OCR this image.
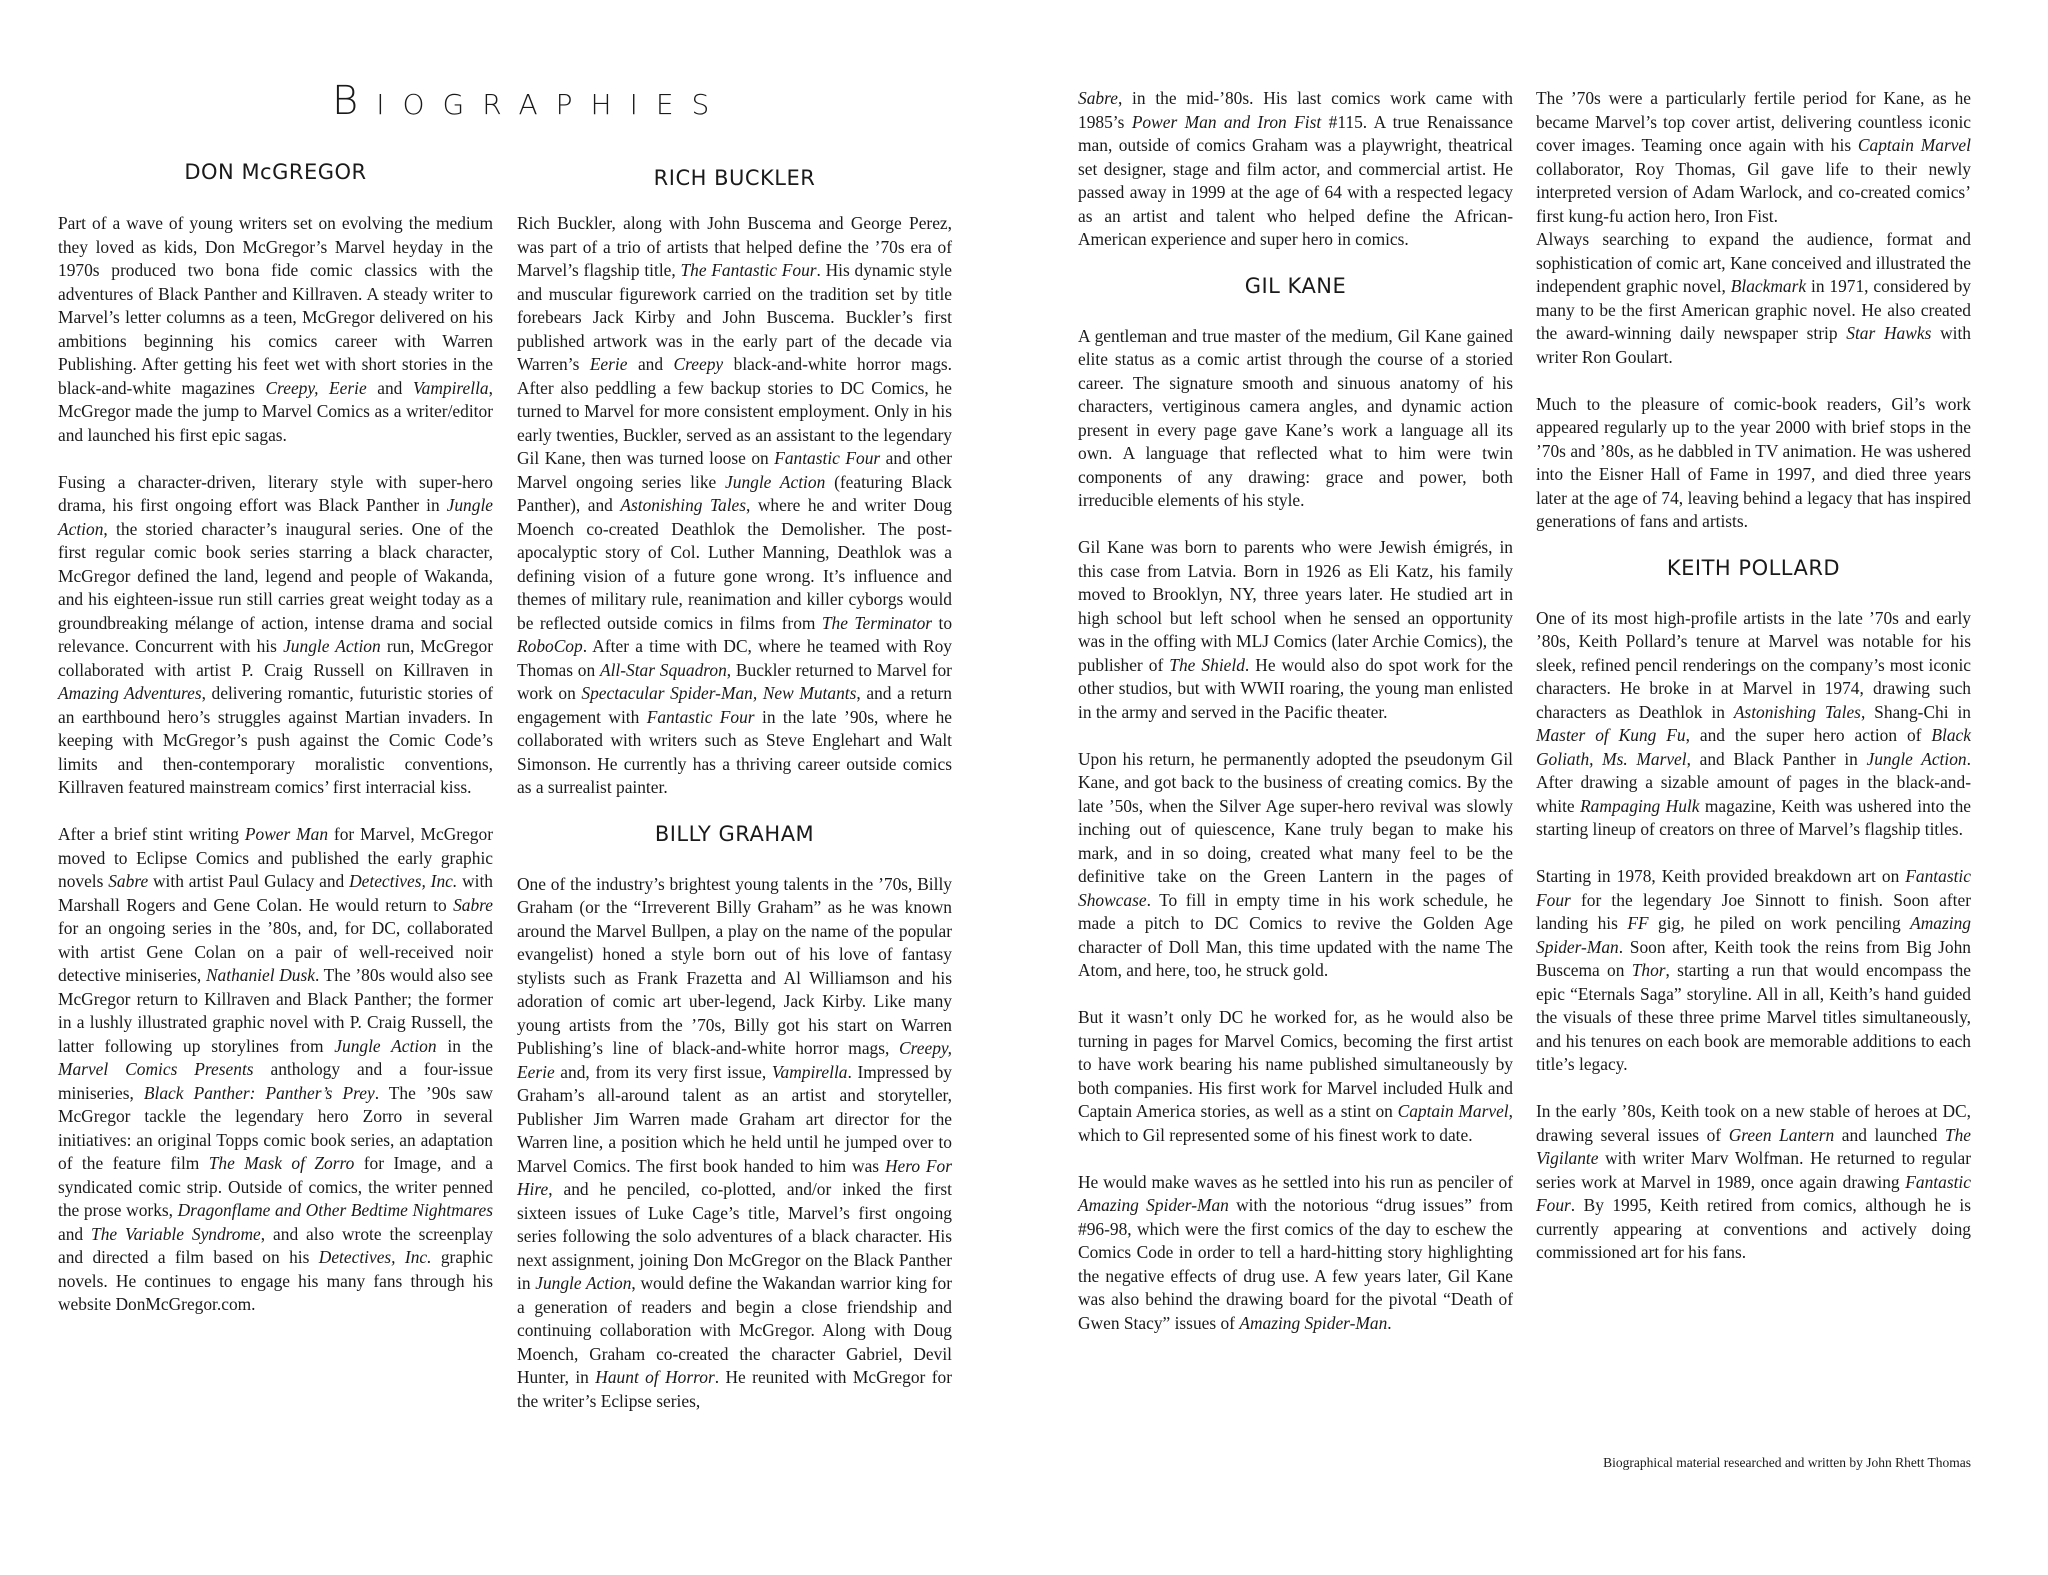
BIOGRAPHIES
DON McGREGOR	RICH BUCKLER

Part of a wave of young writers set on evolving the medium they loved as kids, Don McGregor’s Marvel heyday in the 1970s produced two bona fide comic classics with the adventures of Black Panther and Killraven. A steady writer to Marvel’s letter columns as a teen, McGregor delivered on his ambitions beginning his comics career with Warren Publishing. After getting his feet wet with short stories in the black-and-white magazines Creepy, Eerie and Vampirella, McGregor made the jump to Marvel Comics as a writer/editor and launched his first epic sagas.

Fusing a character-driven, literary style with super-hero drama, his first ongoing effort was Black Panther in Jungle Action, the storied character’s inaugural series. One of the first regular comic book series starring a black character, McGregor defined the land, legend and people of Wakanda, and his eighteen-issue run still carries great weight today as a groundbreaking mélange of action, intense drama and social relevance. Concurrent with his Jungle Action run, McGregor collaborated with artist P. Craig Russell on Killraven in Amazing Adventures, delivering romantic, futuristic stories of an earthbound hero’s struggles against Martian invaders. In keeping with McGregor’s push against the Comic Code’s limits and then-contemporary moralistic conventions, Killraven featured mainstream comics’ first interracial kiss.

After a brief stint writing Power Man for Marvel, McGregor moved to Eclipse Comics and published the early graphic novels Sabre with artist Paul Gulacy and Detectives, Inc. with Marshall Rogers and Gene Colan. He would return to Sabre for an ongoing series in the ’80s, and, for DC, collaborated with artist Gene Colan on a pair of well-received noir detective miniseries, Nathaniel Dusk. The ’80s would also see McGregor return to Killraven and Black Panther; the former in a lushly illustrated graphic novel with P. Craig Russell, the latter following up storylines from Jungle Action in the Marvel Comics Presents anthology and a four-issue miniseries, Black Panther: Panther’s Prey. The ’90s saw McGregor tackle the legendary hero Zorro in several initiatives: an original Topps comic book series, an adaptation of the feature film The Mask of Zorro for Image, and a syndicated comic strip. Outside of comics, the writer penned the prose works, Dragonflame and Other Bedtime Nightmares and The Variable Syndrome, and also wrote the screenplay and directed a film based on his Detectives, Inc. graphic novels. He continues to engage his many fans through his website DonMcGregor.com.

Rich Buckler, along with John Buscema and George Perez, was part of a trio of artists that helped define the ’70s era of Marvel’s flagship title, The Fantastic Four. His dynamic style and muscular figurework carried on the tradition set by title forebears Jack Kirby and John Buscema. Buckler’s first published artwork was in the early part of the decade via Warren’s Eerie and Creepy black-and-white horror mags. After also peddling a few backup stories to DC Comics, he turned to Marvel for more consistent employment. Only in his early twenties, Buckler, served as an assistant to the legendary Gil Kane, then was turned loose on Fantastic Four and other Marvel ongoing series like Jungle Action (featuring Black Panther), and Astonishing Tales, where he and writer Doug Moench co-created Deathlok the Demolisher. The post-apocalyptic story of Col. Luther Manning, Deathlok was a defining vision of a future gone wrong. It’s influence and themes of military rule, reanimation and killer cyborgs would be reflected outside comics in films from The Terminator to RoboCop. After a time with DC, where he teamed with Roy Thomas on All-Star Squadron, Buckler returned to Marvel for work on Spectacular Spider-Man, New Mutants, and a return engagement with Fantastic Four in the late ’90s, where he collaborated with writers such as Steve Englehart and Walt Simonson. He currently has a thriving career outside comics as a surrealist painter.

BILLY GRAHAM

One of the industry’s brightest young talents in the ’70s, Billy Graham (or the “Irreverent Billy Graham” as he was known around the Marvel Bullpen, a play on the name of the popular evangelist) honed a style born out of his love of fantasy stylists such as Frank Frazetta and Al Williamson and his adoration of comic art uber-legend, Jack Kirby. Like many young artists from the ’70s, Billy got his start on Warren Publishing’s line of black-and-white horror mags, Creepy, Eerie and, from its very first issue, Vampirella. Impressed by Graham’s all-around talent as an artist and storyteller, Publisher Jim Warren made Graham art director for the Warren line, a position which he held until he jumped over to Marvel Comics. The first book handed to him was Hero For Hire, and he penciled, co-plotted, and/or inked the first sixteen issues of Luke Cage’s title, Marvel’s first ongoing series following the solo adventures of a black character. His next assignment, joining Don McGregor on the Black Panther in Jungle Action, would define the Wakandan warrior king for a generation of readers and begin a close friendship and continuing collaboration with McGregor. Along with Doug Moench, Graham co-created the character Gabriel, Devil Hunter, in Haunt of Horror. He reunited with McGregor for the writer’s Eclipse series,

Sabre, in the mid-’80s. His last comics work came with 1985’s Power Man and Iron Fist #115. A true Renaissance man, outside of comics Graham was a playwright, theatrical set designer, stage and film actor, and commercial artist. He passed away in 1999 at the age of 64 with a respected legacy as an artist and talent who helped define the African-American experience and super hero in comics.

GIL KANE

A gentleman and true master of the medium, Gil Kane gained elite status as a comic artist through the course of a storied career. The signature smooth and sinuous anatomy of his characters, vertiginous camera angles, and dynamic action present in every page gave Kane’s work a language all its own. A language that reflected what to him were twin components of any drawing: grace and power, both irreducible elements of his style.

Gil Kane was born to parents who were Jewish émigrés, in this case from Latvia. Born in 1926 as Eli Katz, his family moved to Brooklyn, NY, three years later. He studied art in high school but left school when he sensed an opportunity was in the offing with MLJ Comics (later Archie Comics), the publisher of The Shield. He would also do spot work for the other studios, but with WWII roaring, the young man enlisted in the army and served in the Pacific theater.

Upon his return, he permanently adopted the pseudonym Gil Kane, and got back to the business of creating comics. By the late ’50s, when the Silver Age super-hero revival was slowly inching out of quiescence, Kane truly began to make his mark, and in so doing, created what many feel to be the definitive take on the Green Lantern in the pages of Showcase. To fill in empty time in his work schedule, he made a pitch to DC Comics to revive the Golden Age character of Doll Man, this time updated with the name The Atom, and here, too, he struck gold.

But it wasn’t only DC he worked for, as he would also be turning in pages for Marvel Comics, becoming the first artist to have work bearing his name published simultaneously by both companies. His first work for Marvel included Hulk and Captain America stories, as well as a stint on Captain Marvel, which to Gil represented some of his finest work to date.

He would make waves as he settled into his run as penciler of Amazing Spider-Man with the notorious “drug issues” from #96-98, which were the first comics of the day to eschew the Comics Code in order to tell a hard-hitting story highlighting the negative effects of drug use. A few years later, Gil Kane was also behind the drawing board for the pivotal “Death of Gwen Stacy” issues of Amazing Spider-Man.

The ’70s were a particularly fertile period for Kane, as he became Marvel’s top cover artist, delivering countless iconic cover images. Teaming once again with his Captain Marvel collaborator, Roy Thomas, Gil gave life to their newly interpreted version of Adam Warlock, and co-created comics’ first kung-fu action hero, Iron Fist.

Always searching to expand the audience, format and sophistication of comic art, Kane conceived and illustrated the independent graphic novel, Blackmark in 1971, considered by many to be the first American graphic novel. He also created the award-winning daily newspaper strip Star Hawks with writer Ron Goulart.

Much to the pleasure of comic-book readers, Gil’s work appeared regularly up to the year 2000 with brief stops in the ’70s and ’80s, as he dabbled in TV animation. He was ushered into the Eisner Hall of Fame in 1997, and died three years later at the age of 74, leaving behind a legacy that has inspired generations of fans and artists.

KEITH POLLARD

One of its most high-profile artists in the late ’70s and early ’80s, Keith Pollard’s tenure at Marvel was notable for his sleek, refined pencil renderings on the company’s most iconic characters. He broke in at Marvel in 1974, drawing such characters as Deathlok in Astonishing Tales, Shang-Chi in Master of Kung Fu, and the super hero action of Black Goliath, Ms. Marvel, and Black Panther in Jungle Action. After drawing a sizable amount of pages in the black-and-white Rampaging Hulk magazine, Keith was ushered into the starting lineup of creators on three of Marvel’s flagship titles.

Starting in 1978, Keith provided breakdown art on Fantastic Four for the legendary Joe Sinnott to finish. Soon after landing his FF gig, he piled on work penciling Amazing Spider-Man. Soon after, Keith took the reins from Big John Buscema on Thor, starting a run that would encompass the epic “Eternals Saga” storyline. All in all, Keith’s hand guided the visuals of these three prime Marvel titles simultaneously, and his tenures on each book are memorable additions to each title’s legacy.

In the early ’80s, Keith took on a new stable of heroes at DC, drawing several issues of Green Lantern and launched The Vigilante with writer Marv Wolfman. He returned to regular series work at Marvel in 1989, once again drawing Fantastic Four. By 1995, Keith retired from comics, although he is currently appearing at conventions and actively doing commissioned art for his fans.

Biographical material researched and written by John Rhett Thomas
